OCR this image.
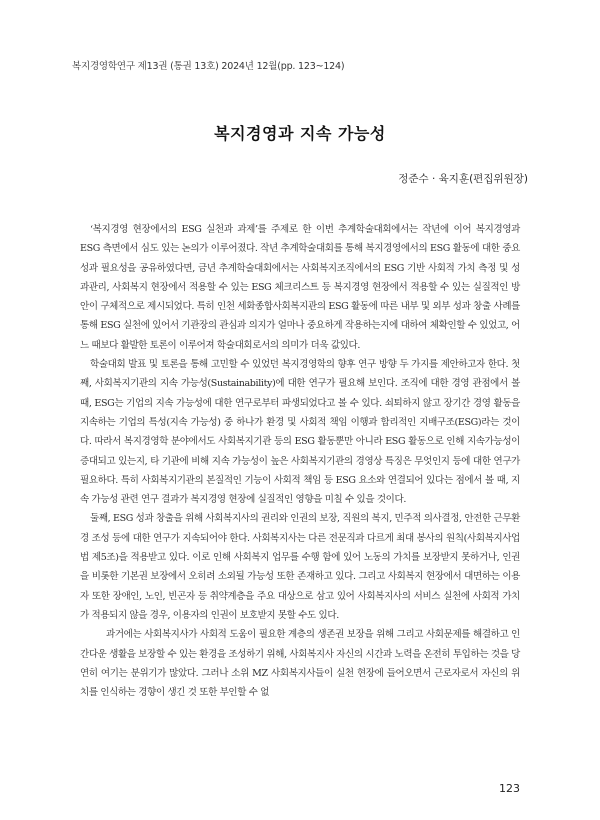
복지경영학연구 제13권 (통권 13호) 2024년 12월(pp. 123~124)
복지경영과 지속 가능성
정준수 · 육지훈(편집위원장)

‘복지경영 현장에서의 ESG 실천과 과제’를 주제로 한 이번 추계학술대회에서는 작년에 이어 복지경영과 ESG 측면에서 심도 있는 논의가 이루어졌다. 작년 추계학술대회를 통해 복지경영에서의 ESG 활동에 대한 중요성과 필요성을 공유하였다면, 금년 추계학술대회에서는 사회복지조직에서의 ESG 기반 사회적 가치 측정 및 성과관리, 사회복지 현장에서 적용할 수 있는 ESG 체크리스트 등 복지경영 현장에서 적용할 수 있는 실질적인 방안이 구체적으로 제시되었다. 특히 인천 세화종합사회복지관의 ESG 활동에 따른 내부 및 외부 성과 창출 사례를 통해 ESG 실천에 있어서 기관장의 관심과 의지가 얼마나 중요하게 작용하는지에 대하여 체확인할 수 있었고, 어느 때보다 활발한 토론이 이루어져 학술대회로서의 의미가 더욱 값있다.

학술대회 발표 및 토론을 통해 고민할 수 있었던 복지경영학의 향후 연구 방향 두 가지를 제안하고자 한다. 첫째, 사회복지기관의 지속 가능성(Sustainability)에 대한 연구가 필요해 보인다. 조직에 대한 경영 관점에서 볼 때, ESG는 기업의 지속 가능성에 대한 연구로부터 파생되었다고 볼 수 있다. 쇠퇴하지 않고 장기간 경영 활동을 지속하는 기업의 특성(지속 가능성) 중 하나가 환경 및 사회적 책임 이행과 합리적인 지배구조(ESG)라는 것이다. 따라서 복지경영학 분야에서도 사회복지기관 등의 ESG 활동뿐만 아니라 ESG 활동으로 인해 지속가능성이 증대되고 있는지, 타 기관에 비해 지속 가능성이 높은 사회복지기관의 경영상 특징은 무엇인지 등에 대한 연구가 필요하다. 특히 사회복지기관의 본질적인 기능이 사회적 책임 등 ESG 요소와 연결되어 있다는 점에서 볼 때, 지속 가능성 관련 연구 결과가 복지경영 현장에 실질적인 영향을 미칠 수 있을 것이다.

둘째, ESG 성과 창출을 위해 사회복지사의 권리와 인권의 보장, 직원의 복지, 민주적 의사결정, 안전한 근무환경 조성 등에 대한 연구가 지속되어야 한다. 사회복지사는 다른 전문직과 다르게 최대 봉사의 원칙(사회복지사업법 제5조)을 적용받고 있다. 이로 인해 사회복지 업무를 수행 함에 있어 노동의 가치를 보장받지 못하거나, 인권을 비롯한 기본권 보장에서 오히려 소외될 가능성 또한 존재하고 있다. 그리고 사회복지 현장에서 대면하는 이용자 또한 장애인, 노인, 빈곤자 등 취약계층을 주요 대상으로 삼고 있어 사회복지사의 서비스 실천에 사회적 가치가 적용되지 않을 경우, 이용자의 인권이 보호받지 못할 수도 있다.

과거에는 사회복지사가 사회적 도움이 필요한 계층의 생존권 보장을 위해 그리고 사회문제를 해결하고 인간다운 생활을 보장할 수 있는 환경을 조성하기 위해, 사회복지사 자신의 시간과 노력을 온전히 투입하는 것을 당연히 여기는 분위기가 많았다. 그러나 소위 MZ 사회복지사들이 실천 현장에 들어오면서 근로자로서 자신의 위치를 인식하는 경향이 생긴 것 또한 부인할 수 없

123
